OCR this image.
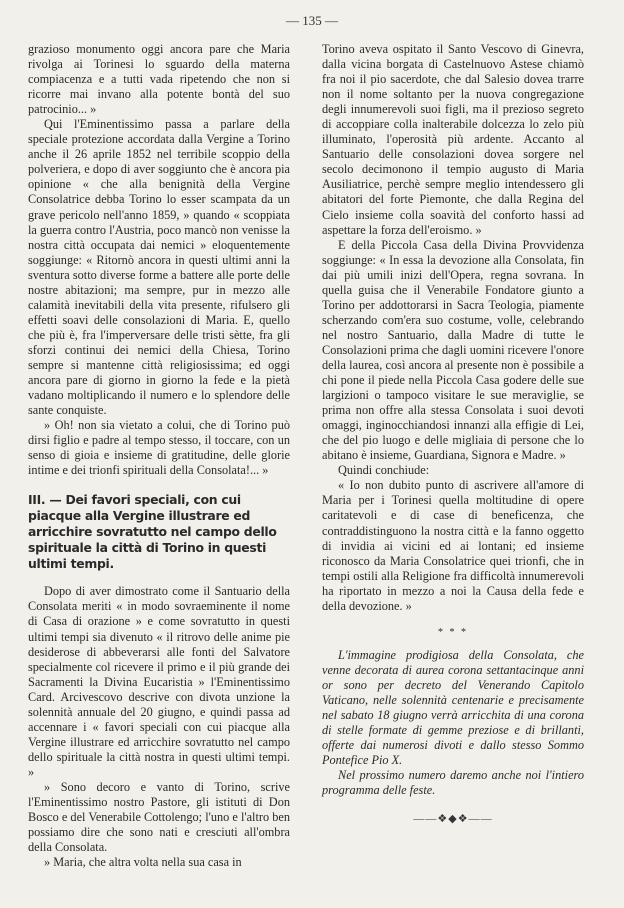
— 135 —

grazioso monumento oggi ancora pare che Maria rivolga ai Torinesi lo sguardo della materna compiacenza e a tutti vada ripetendo che non si ricorre mai invano alla potente bontà del suo patrocinio... »

Qui l'Eminentissimo passa a parlare della speciale protezione accordata dalla Vergine a Torino anche il 26 aprile 1852 nel terribile scoppio della polveriera, e dopo di aver soggiunto che è ancora pia opinione « che alla benignità della Vergine Consolatrice debba Torino lo esser scampata da un grave pericolo nell'anno 1859, » quando « scoppiata la guerra contro l'Austria, poco mancò non venisse la nostra città occupata dai nemici » eloquentemente soggiunge: « Ritornò ancora in questi ultimi anni la sventura sotto diverse forme a battere alle porte delle nostre abitazioni; ma sempre, pur in mezzo alle calamità inevitabili della vita presente, rifulsero gli effetti soavi delle consolazioni di Maria. E, quello che più è, fra l'imperversare delle tristi sètte, fra gli sforzi continui dei nemici della Chiesa, Torino sempre si mantenne città religiosissima; ed oggi ancora pare di giorno in giorno la fede e la pietà vadano moltiplicando il numero e lo splendore delle sante conquiste.

» Oh! non sia vietato a colui, che di Torino può dirsi figlio e padre al tempo stesso, il toccare, con un senso di gioia e insieme di gratitudine, delle glorie intime e dei trionfi spirituali della Consolata!... »

III. — Dei favori speciali, con cui piacque alla Vergine illustrare ed arricchire sovratutto nel campo dello spirituale la città di Torino in questi ultimi tempi.

Dopo di aver dimostrato come il Santuario della Consolata meriti « in modo sovraeminente il nome di Casa di orazione » e come sovratutto in questi ultimi tempi sia divenuto « il ritrovo delle anime pie desiderose di abbeverarsi alle fonti del Salvatore specialmente col ricevere il primo e il più grande dei Sacramenti la Divina Eucaristia » l'Eminentissimo Card. Arcivescovo descrive con divota unzione la solennità annuale del 20 giugno, e quindi passa ad accennare i « favori speciali con cui piacque alla Vergine illustrare ed arricchire sovratutto nel campo dello spirituale la città nostra in questi ultimi tempi. »

» Sono decoro e vanto di Torino, scrive l'Eminentissimo nostro Pastore, gli istituti di Don Bosco e del Venerabile Cottolengo; l'uno e l'altro ben possiamo dire che sono nati e cresciuti all'ombra della Consolata.

» Maria, che altra volta nella sua casa in

Torino aveva ospitato il Santo Vescovo di Ginevra, dalla vicina borgata di Castelnuovo Astese chiamò fra noi il pio sacerdote, che dal Salesio dovea trarre non il nome soltanto per la nuova congregazione degli innumerevoli suoi figli, ma il prezioso segreto di accoppiare colla inalterabile dolcezza lo zelo più illuminato, l'operosità più ardente. Accanto al Santuario delle consolazioni dovea sorgere nel secolo decimonono il tempio augusto di Maria Ausiliatrice, perchè sempre meglio intendessero gli abitatori del forte Piemonte, che dalla Regina del Cielo insieme colla soavità del conforto hassi ad aspettare la forza dell'eroismo. »

E della Piccola Casa della Divina Provvidenza soggiunge: « In essa la devozione alla Consolata, fin dai più umili inizi dell'Opera, regna sovrana. In quella guisa che il Venerabile Fondatore giunto a Torino per addottorarsi in Sacra Teologia, piamente scherzando com'era suo costume, volle, celebrando nel nostro Santuario, dalla Madre di tutte le Consolazioni prima che dagli uomini ricevere l'onore della laurea, così ancora al presente non è possibile a chi pone il piede nella Piccola Casa godere delle sue largizioni o tampoco visitare le sue meraviglie, se prima non offre alla stessa Consolata i suoi devoti omaggi, inginocchiandosi innanzi alla effigie di Lei, che del pio luogo e delle migliaia di persone che lo abitano è insieme, Guardiana, Signora e Madre. »

Quindi conchiude:

« Io non dubito punto di ascrivere all'amore di Maria per i Torinesi quella moltitudine di opere caritatevoli e di case di beneficenza, che contraddistinguono la nostra città e la fanno oggetto di invidia ai vicini ed ai lontani; ed insieme riconosco da Maria Consolatrice quei trionfi, che in tempi ostili alla Religione fra difficoltà innumerevoli ha riportato in mezzo a noi la Causa della fede e della devozione. »

* * *

L'immagine prodigiosa della Consolata, che venne decorata di aurea corona settantacinque anni or sono per decreto del Venerando Capitolo Vaticano, nelle solennità centenarie e precisamente nel sabato 18 giugno verrà arricchita di una corona di stelle formate di gemme preziose e di brillanti, offerte dai numerosi divoti e dallo stesso Sommo Pontefice Pio X.

Nel prossimo numero daremo anche noi l'intiero programma delle feste.

——❖◆❖——
